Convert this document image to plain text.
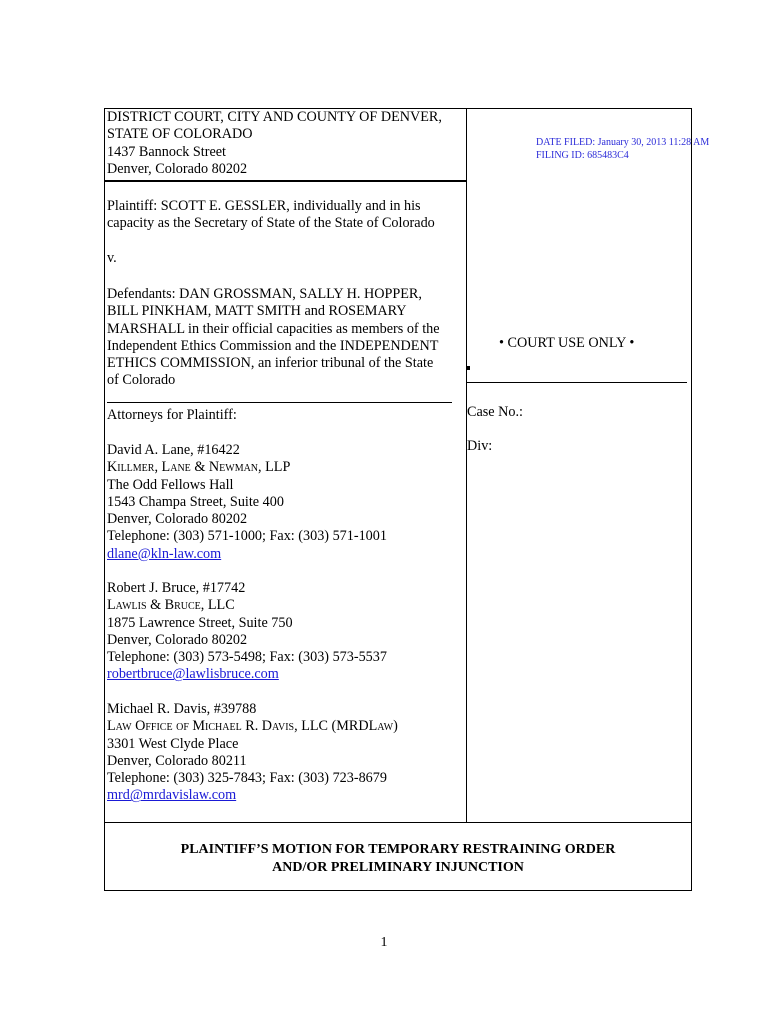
DISTRICT COURT, CITY AND COUNTY OF DENVER,
STATE OF COLORADO
1437 Bannock Street
Denver, Colorado 80202
DATE FILED: January 30, 2013 11:28 AM
FILING ID: 685483C4
Plaintiff: SCOTT E. GESSLER, individually and in his
capacity as the Secretary of State of the State of Colorado
v.
Defendants: DAN GROSSMAN, SALLY H. HOPPER,
BILL PINKHAM, MATT SMITH and ROSEMARY
MARSHALL in their official capacities as members of the
Independent Ethics Commission and the INDEPENDENT
ETHICS COMMISSION, an inferior tribunal of the State
of Colorado
• COURT USE ONLY •
Case No.:
Div:
Attorneys for Plaintiff:
David A. Lane, #16422
Killmer, Lane & Newman, LLP
The Odd Fellows Hall
1543 Champa Street, Suite 400
Denver, Colorado 80202
Telephone: (303) 571-1000; Fax: (303) 571-1001
dlane@kln-law.com
Robert J. Bruce, #17742
Lawlis & Bruce, LLC
1875 Lawrence Street, Suite 750
Denver, Colorado 80202
Telephone: (303) 573-5498; Fax: (303) 573-5537
robertbruce@lawlisbruce.com
Michael R. Davis, #39788
Law Office of Michael R. Davis, LLC (MRDLaw)
3301 West Clyde Place
Denver, Colorado 80211
Telephone: (303) 325-7843; Fax: (303) 723-8679
mrd@mrdavislaw.com
PLAINTIFF’S MOTION FOR TEMPORARY RESTRAINING ORDER
AND/OR PRELIMINARY INJUNCTION
1
